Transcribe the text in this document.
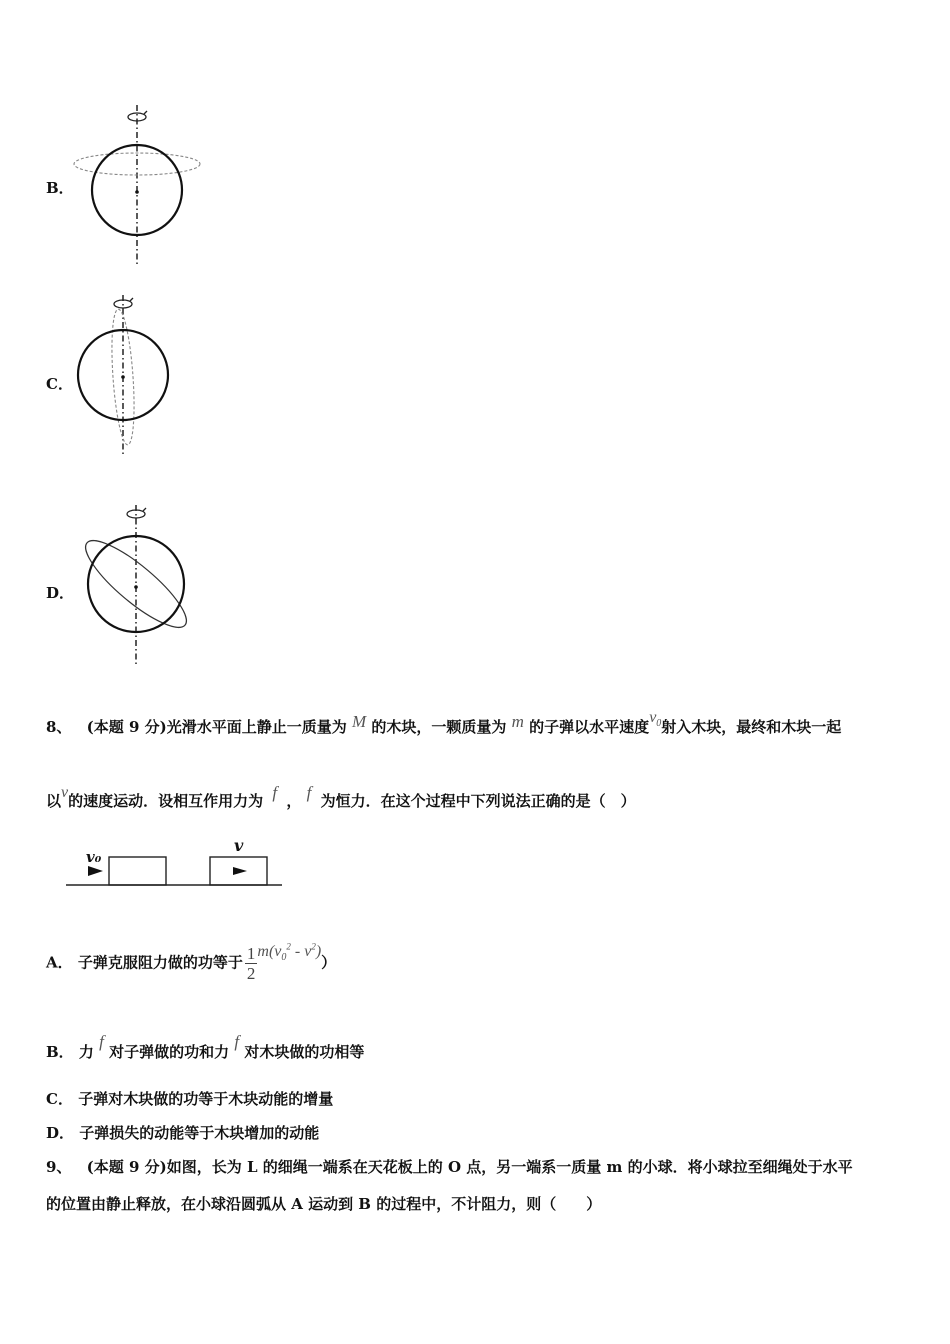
B．
C．
D．
8、 (本题 9 分)光滑水平面上静止一质量为 M 的木块，一颗质量为 m 的子弹以水平速度$v_0$射入木块，最终和木块一起
以v的速度运动．设相互作用力为 f ， f 为恒力．在这个过程中下列说法正确的是（　）
v₀
v
A． 子弹克服阻力做的功等于 $\frac{1}{2} m(v_0^2 - v^2)$）
B． 力 f 对子弹做的功和力 f 对木块做的功相等
C． 子弹对木块做的功等于木块动能的增量
D． 子弹损失的动能等于木块增加的动能
9、 (本题 9 分)如图，长为 L 的细绳一端系在天花板上的 O 点，另一端系一质量 m 的小球．将小球拉至细绳处于水平
的位置由静止释放，在小球沿圆弧从 A 运动到 B 的过程中，不计阻力，则（　　）
